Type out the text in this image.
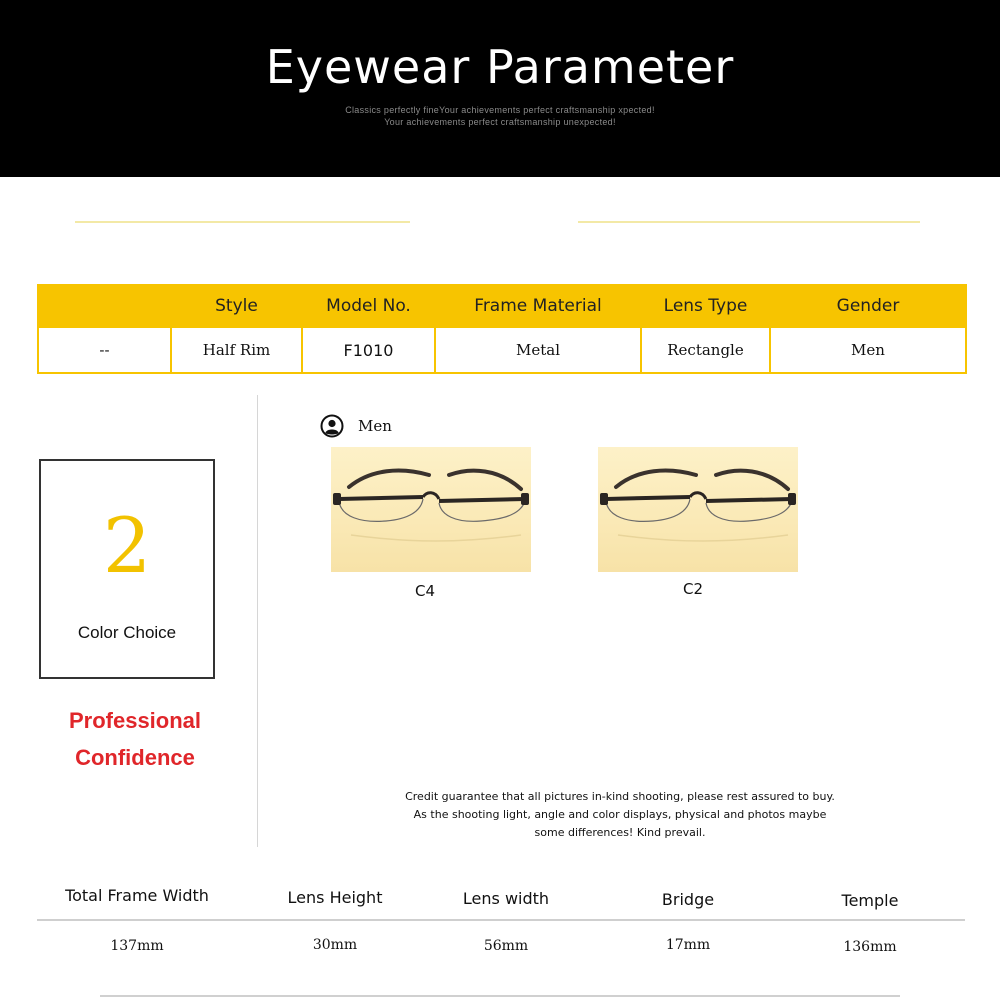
Eyewear Parameter
Classics perfectly fineYour achievements perfect craftsmanship xpected!
Your achievements perfect craftsmanship unexpected!
	Style	Model No.	Frame Material	Lens Type	Gender
--	Half Rim	F1010	Metal	Rectangle	Men
2
Color Choice
Professional
Confidence
Men
C4	C2
Credit guarantee that all pictures in-kind shooting, please rest assured to buy.
As the shooting light, angle and color displays, physical and photos maybe
some differences! Kind prevail.
Total Frame Width	Lens Height	Lens width	Bridge	Temple
137mm	30mm	56mm	17mm	136mm
